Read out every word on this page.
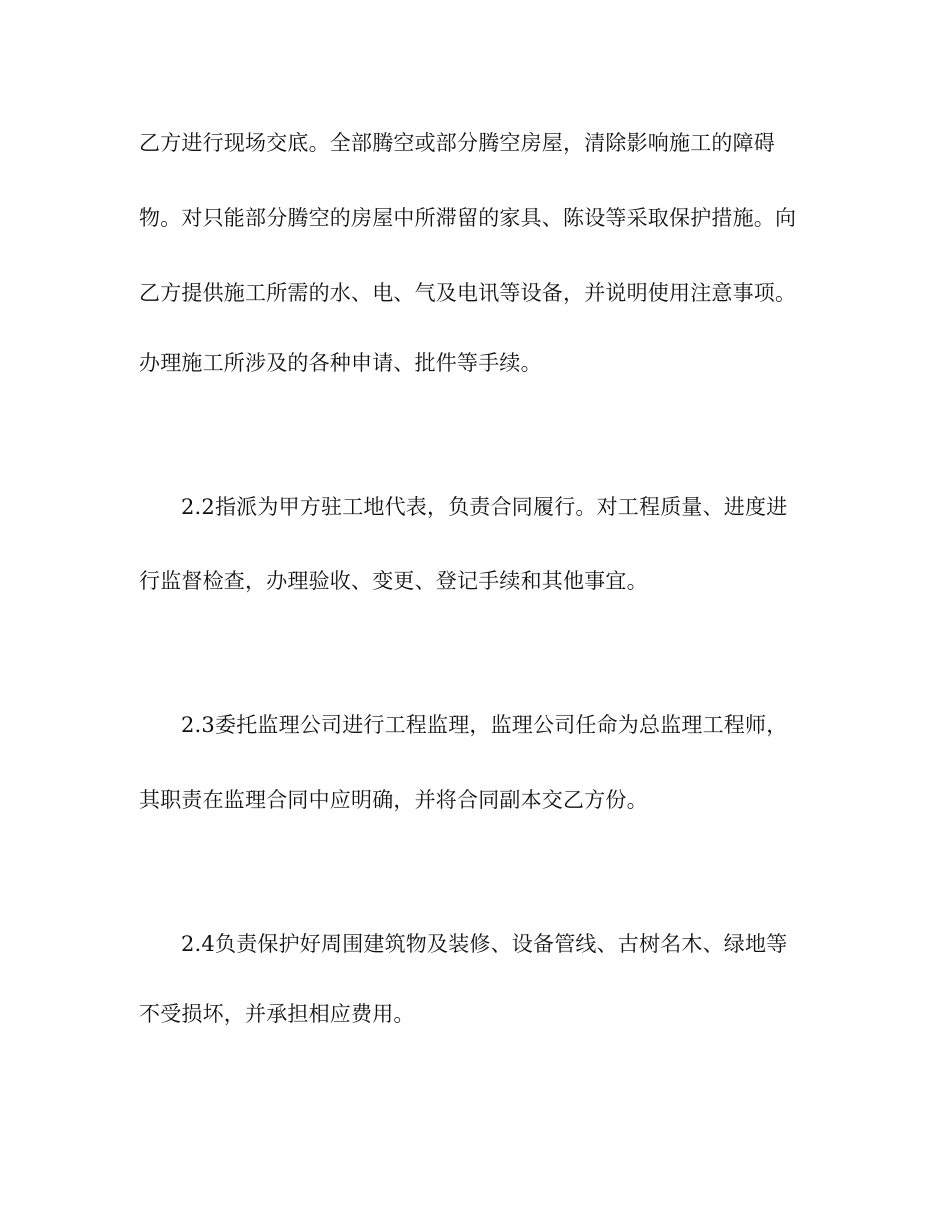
乙方进行现场交底。全部腾空或部分腾空房屋，清除影响施工的障碍
物。对只能部分腾空的房屋中所滞留的家具、陈设等采取保护措施。向
乙方提供施工所需的水、电、气及电讯等设备，并说明使用注意事项。
办理施工所涉及的各种申请、批件等手续。
2.2指派为甲方驻工地代表，负责合同履行。对工程质量、进度进
行监督检查，办理验收、变更、登记手续和其他事宜。
2.3委托监理公司进行工程监理，监理公司任命为总监理工程师，
其职责在监理合同中应明确，并将合同副本交乙方份。
2.4负责保护好周围建筑物及装修、设备管线、古树名木、绿地等
不受损坏，并承担相应费用。
